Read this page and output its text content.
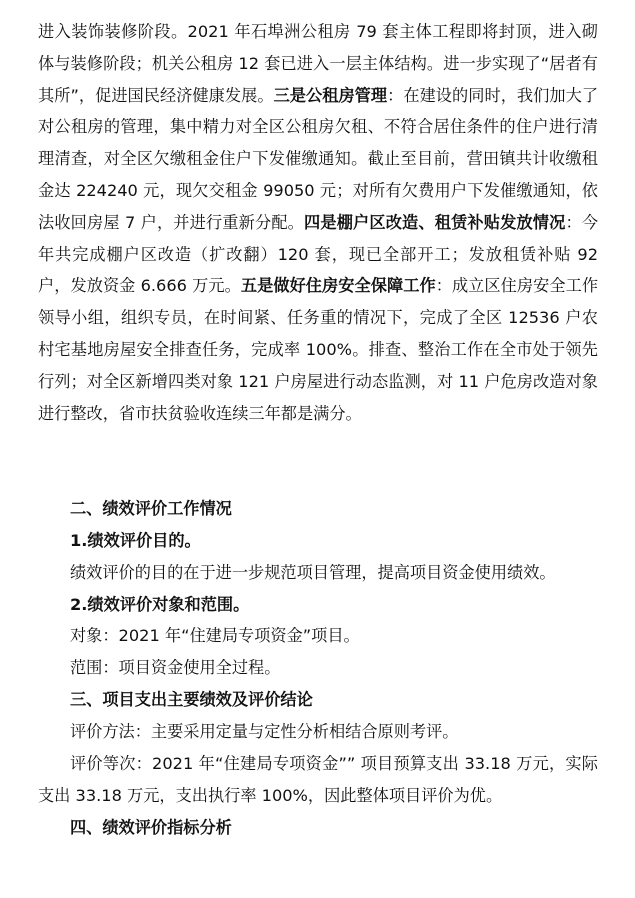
进入装饰装修阶段。2021 年石埠洲公租房 79 套主体工程即将封顶，进入砌体与装修阶段；机关公租房 12 套已进入一层主体结构。进一步实现了“居者有其所”，促进国民经济健康发展。三是公租房管理：在建设的同时，我们加大了对公租房的管理，集中精力对全区公租房欠租、不符合居住条件的住户进行清理清查，对全区欠缴租金住户下发催缴通知。截止至目前，营田镇共计收缴租金达 224240 元，现欠交租金 99050 元；对所有欠费用户下发催缴通知，依法收回房屋 7 户，并进行重新分配。四是棚户区改造、租赁补贴发放情况：今年共完成棚户区改造（扩改翻）120 套，现已全部开工；发放租赁补贴 92 户，发放资金 6.666 万元。五是做好住房安全保障工作：成立区住房安全工作领导小组，组织专员，在时间紧、任务重的情况下，完成了全区 12536 户农村宅基地房屋安全排查任务，完成率 100%。排查、整治工作在全市处于领先行列；对全区新增四类对象 121 户房屋进行动态监测，对 11 户危房改造对象进行整改，省市扶贫验收连续三年都是满分。

二、绩效评价工作情况

1.绩效评价目的。

绩效评价的目的在于进一步规范项目管理，提高项目资金使用绩效。

2.绩效评价对象和范围。

对象：2021 年“住建局专项资金”项目。

范围：项目资金使用全过程。

三、项目支出主要绩效及评价结论

评价方法：主要采用定量与定性分析相结合原则考评。

评价等次：2021 年“住建局专项资金”” 项目预算支出 33.18 万元，实际支出 33.18 万元，支出执行率 100%，因此整体项目评价为优。

四、绩效评价指标分析
